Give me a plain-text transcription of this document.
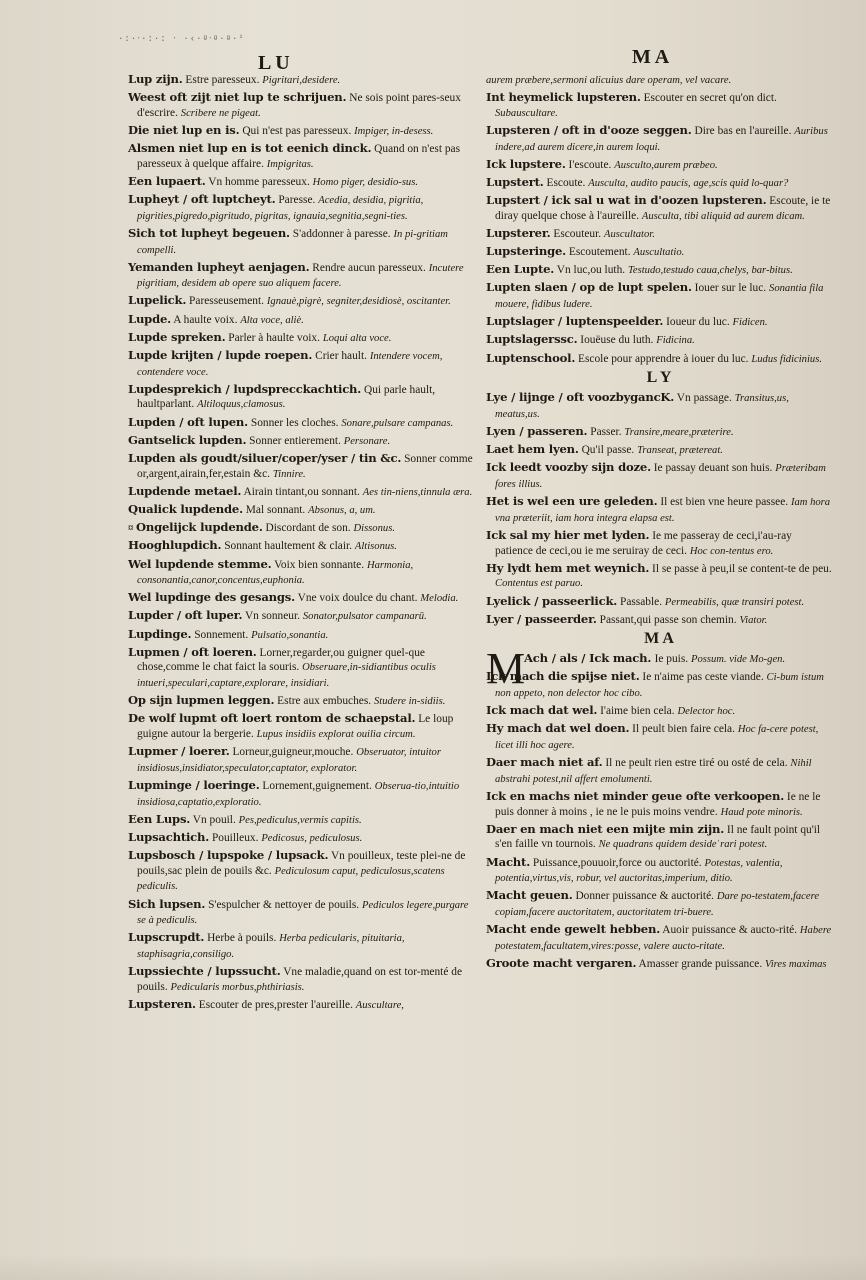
·:·‧·:·: ‧ ·‹·ᵍ‧ᵍ·ᵍ·ⁱ
L U	M A
Lup zijn. Estre paresseux. Pigritari,desidere.
Weest oft zijt niet lup te schrijuen. Ne sois point pares-seux d'escrire. Scribere ne pigeat.
Die niet lup en is. Qui n'est pas paresseux. Impiger, in-desess.
Alsmen niet lup en is tot eenich dinck. Quand on n'est pas paresseux à quelque affaire. Impigritas.
Een lupaert. Vn homme paresseux. Homo piger, desidio-sus.
Lupheyt / oft luptcheyt. Paresse. Acedia, desidia, pigritia, pigrities,pigredo,pigritudo, pigritas, ignauia,segnitia,segni-ties.
Sich tot lupheyt begeuen. S'addonner à paresse. In pi-gritiam compelli.
Yemanden lupheyt aenjagen. Rendre aucun paresseux. Incutere pigritiam, desidem ab opere suo aliquem facere.
Lupelick. Paresseusement. Ignauè,pigrè, segniter,desidiosè, oscitanter.
Lupde. A haulte voix. Alta voce, aliè.
Lupde spreken. Parler à haulte voix. Loqui alta voce.
Lupde krijten / lupde roepen. Crier hault. Intendere vocem, contendere voce.
Lupdesprekich / lupdsprecckachtich. Qui parle hault, haultparlant. Altiloquus,clamosus.
Lupden / oft lupen. Sonner les cloches. Sonare,pulsare campanas.
Gantselick lupden. Sonner entierement. Personare.
Lupden als goudt/siluer/coper/yser / tin &c. Sonner comme or,argent,airain,fer,estain &c. Tinnire.
Lupdende metael. Airain tintant,ou sonnant. Aes tin-niens,tinnula æra.
Qualick lupdende. Mal sonnant. Absonus, a, um.
¤ Ongelijck lupdende. Discordant de son. Dissonus.
Hooghlupdich. Sonnant haultement & clair. Altisonus.
Wel lupdende stemme. Voix bien sonnante. Harmonia, consonantia,canor,concentus,euphonia.
Wel lupdinge des gesangs. Vne voix doulce du chant. Melodia.
Lupder / oft luper. Vn sonneur. Sonator,pulsator campanarū.
Lupdinge. Sonnement. Pulsatio,sonantia.
Lupmen / oft loeren. Lorner,regarder,ou guigner quel-que chose,comme le chat faict la souris. Obseruare,in-sidiantibus oculis intueri,speculari,captare,explorare, insidiari.
Op sijn lupmen leggen. Estre aux embuches. Studere in-sidiis.
De wolf lupmt oft loert rontom de schaepstal. Le loup guigne autour la bergerie. Lupus insidiis explorat ouilia circum.
Lupmer / loerer. Lorneur,guigneur,mouche. Obseruator, intuitor insidiosus,insidiator,speculator,captator, explorator.
Lupminge / loeringe. Lornement,guignement. Obserua-tio,intuitio insidiosa,captatio,exploratio.
Een Lups. Vn pouil. Pes,pediculus,vermis capitis.
Lupsachtich. Pouilleux. Pedicosus, pediculosus.
Lupsbosch / lupspoke / lupsack. Vn pouilleux, teste plei-ne de pouils,sac plein de pouils &c. Pediculosum caput, pediculosus,scatens pediculis.
Sich lupsen. S'espulcher & nettoyer de pouils. Pediculos legere,purgare se à pediculis.
Lupscrupdt. Herbe à pouils. Herba pedicularis, pituitaria, staphisagria,consiligo.
Lupssiechte / lupssucht. Vne maladie,quand on est tor-menté de pouils. Pedicularis morbus,phthiriasis.
Lupsteren. Escouter de pres,prester l'aureille. Auscultare,
aurem præbere,sermoni alicuius dare operam, vel vacare.
Int heymelick lupsteren. Escouter en secret qu'on dict. Subauscultare.
Lupsteren / oft in d'ooze seggen. Dire bas en l'aureille. Auribus indere,ad aurem dicere,in aurem loqui.
Ick lupstere. I'escoute. Ausculto,aurem præbeo.
Lupstert. Escoute. Ausculta, audito paucis, age,scis quid lo-quar?
Lupstert / ick sal u wat in d'oozen lupsteren. Escoute, ie te diray quelque chose à l'aureille. Ausculta, tibi aliquid ad aurem dicam.
Lupsterer. Escouteur. Auscultator.
Lupsteringe. Escoutement. Auscultatio.
Een Lupte. Vn luc,ou luth. Testudo,testudo caua,chelys, bar-bitus.
Lupten slaen / op de lupt spelen. Iouer sur le luc. Sonantia fila mouere, fidibus ludere.
Luptslager / luptenspeelder. Ioueur du luc. Fidicen.
Luptslagerssc. Iouëuse du luth. Fidicina.
Luptenschool. Escole pour apprendre à iouer du luc. Ludus fidicinius.
L Y
Lye / lijnge / oft voozbygancK. Vn passage. Transitus,us, meatus,us.
Lyen / passeren. Passer. Transire,meare,præterire.
Laet hem lyen. Qu'il passe. Transeat, prætereat.
Ick leedt voozby sijn doze. Ie passay deuant son huis. Præteribam fores illius.
Het is wel een ure geleden. Il est bien vne heure passee. Iam hora vna præteriit, iam hora integra elapsa est.
Ick sal my hier met lyden. Ie me passeray de ceci,i'au-ray patience de ceci,ou ie me seruiray de ceci. Hoc con-tentus ero.
Hy lydt hem met weynich. Il se passe à peu,il se content-te de peu. Contentus est paruo.
Lyelick / passeerlick. Passable. Permeabilis, quæ transiri potest.
Lyer / passeerder. Passant,qui passe son chemin. Viator.
M A
M
Ach / als / Ick mach. Ie puis. Possum. vide Mo-gen.
Ick mach die spijse niet. Ie n'aime pas ceste viande. Ci-bum istum non appeto, non delector hoc cibo.
Ick mach dat wel. I'aime bien cela. Delector hoc.
Hy mach dat wel doen. Il peult bien faire cela. Hoc fa-cere potest, licet illi hoc agere.
Daer mach niet af. Il ne peult rien estre tiré ou osté de cela. Nihil abstrahi potest,nil affert emolumenti.
Ick en machs niet minder geue ofte verkoopen. Ie ne le puis donner à moins , ie ne le puis moins vendre. Haud pote minoris.
Daer en mach niet een mijte min zijn. Il ne fault point qu'il s'en faille vn tournois. Ne quadrans quidem desideˈrari potest.
Macht. Puissance,pouuoir,force ou auctorité. Potestas, valentia, potentia,virtus,vis, robur, vel auctoritas,imperium, ditio.
Macht geuen. Donner puissance & auctorité. Dare po-testatem,facere copiam,facere auctoritatem, auctoritatem tri-buere.
Macht ende gewelt hebben. Auoir puissance & aucto-rité. Habere potestatem,facultatem,vires:posse, valere aucto-ritate.
Groote macht vergaren. Amasser grande puissance. Vires maximas
